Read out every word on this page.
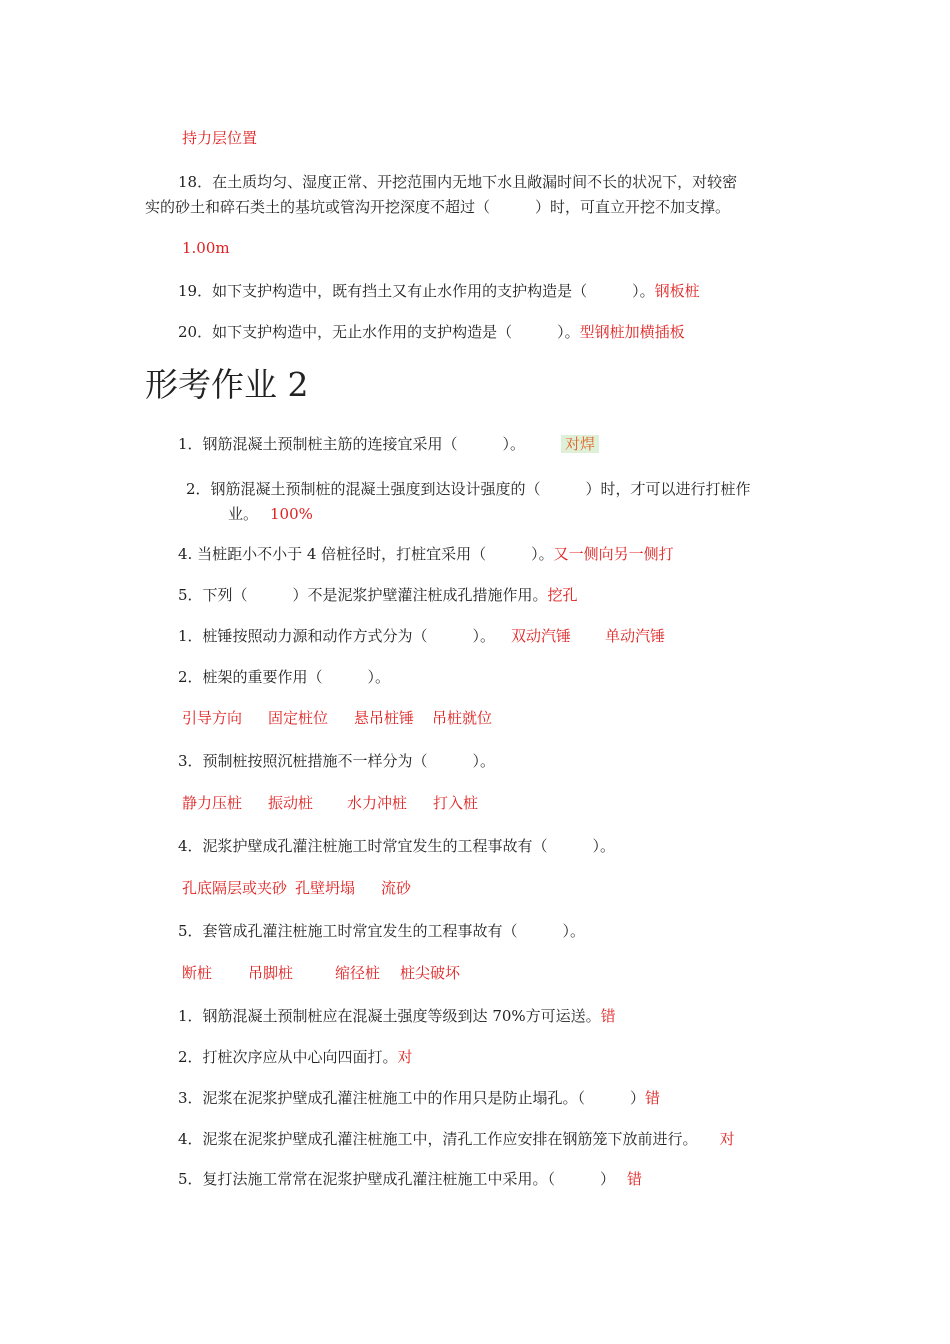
持力层位置
18．在土质均匀、湿度正常、开挖范围内无地下水且敞漏时间不长的状况下，对较密
实的砂土和碎石类土的基坑或管沟开挖深度不超过（　　　）时，可直立开挖不加支撑。
1.00m
19．如下支护构造中，既有挡土又有止水作用的支护构造是（　　　）。钢板桩
20．如下支护构造中，无止水作用的支护构造是（　　　）。型钢桩加横插板
形考作业 2
1．钢筋混凝土预制桩主筋的连接宜采用（　　　）。	对焊
2．钢筋混凝土预制桩的混凝土强度到达设计强度的（　　　）时，才可以进行打桩作
业。 100%
4. 当桩距小不小于 4 倍桩径时，打桩宜采用（　　　）。又一侧向另一侧打
5．下列（　　　）不是泥浆护壁灌注桩成孔措施作用。挖孔
1．桩锤按照动力源和动作方式分为（　　　）。 双动汽锤 单动汽锤
2．桩架的重要作用（　　　）。
引导方向 固定桩位 悬吊桩锤 吊桩就位
3．预制桩按照沉桩措施不一样分为（　　　）。
静力压桩 振动桩 水力冲桩 打入桩
4．泥浆护壁成孔灌注桩施工时常宜发生的工程事故有（　　　）。
孔底隔层或夹砂 孔壁坍塌 流砂
5．套管成孔灌注桩施工时常宜发生的工程事故有（　　　）。
断桩 吊脚桩	缩径桩 桩尖破坏
1．钢筋混凝土预制桩应在混凝土强度等级到达 70%方可运送。错
2．打桩次序应从中心向四面打。对
3．泥浆在泥浆护壁成孔灌注桩施工中的作用只是防止塌孔。（　　　）错
4．泥浆在泥浆护壁成孔灌注桩施工中，清孔工作应安排在钢筋笼下放前进行。 对
5．复打法施工常常在泥浆护壁成孔灌注桩施工中采用。（　　　） 错
